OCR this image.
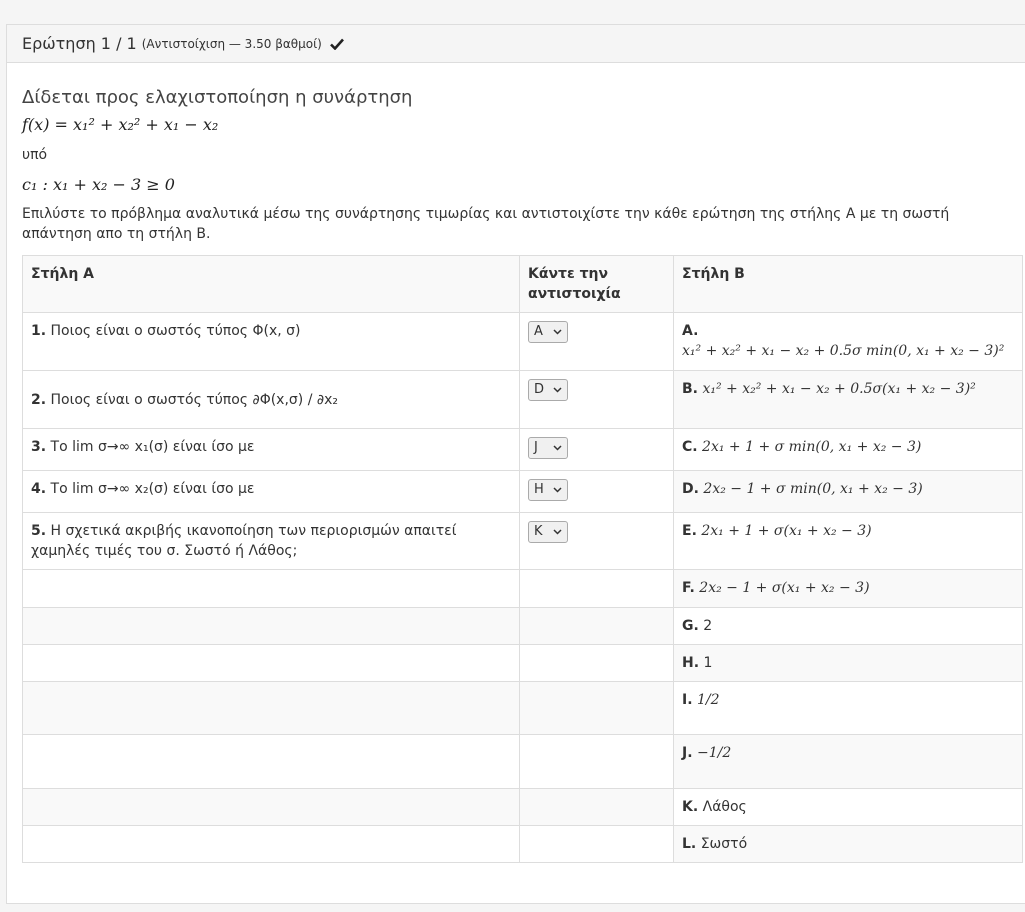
Ερώτηση 1 / 1 (Αντιστοίχιση — 3.50 βαθμοί)
Δίδεται προς ελαχιστοποίηση η συνάρτηση
f(x) = x₁² + x₂² + x₁ − x₂
υπό
c₁ : x₁ + x₂ − 3 ≥ 0
Επιλύστε το πρόβλημα αναλυτικά μέσω της συνάρτησης τιμωρίας και αντιστοιχίστε την κάθε ερώτηση της στήλης Α με τη σωστή απάντηση απο τη στήλη Β.
Στήλη Α	Κάντε την αντιστοιχία	Στήλη Β
1. Ποιος είναι ο σωστός τύπος Φ(x, σ)	A	A.
x₁² + x₂² + x₁ − x₂ + 0.5σ min(0, x₁ + x₂ − 3)²
2. Ποιος είναι ο σωστός τύπος ∂Φ(x,σ) / ∂x₂	D	B. x₁² + x₂² + x₁ − x₂ + 0.5σ(x₁ + x₂ − 3)²
3. Το lim σ→∞ x₁(σ) είναι ίσο με	J	C. 2x₁ + 1 + σ min(0, x₁ + x₂ − 3)
4. Το lim σ→∞ x₂(σ) είναι ίσο με	H	D. 2x₂ − 1 + σ min(0, x₁ + x₂ − 3)
5. Η σχετικά ακριβής ικανοποίηση των περιορισμών απαιτεί χαμηλές τιμές του σ. Σωστό ή Λάθος;	K	E. 2x₁ + 1 + σ(x₁ + x₂ − 3)
		F. 2x₂ − 1 + σ(x₁ + x₂ − 3)
		G. 2
		H. 1
		I. 1/2
		J. −1/2
		K. Λάθος
		L. Σωστό
